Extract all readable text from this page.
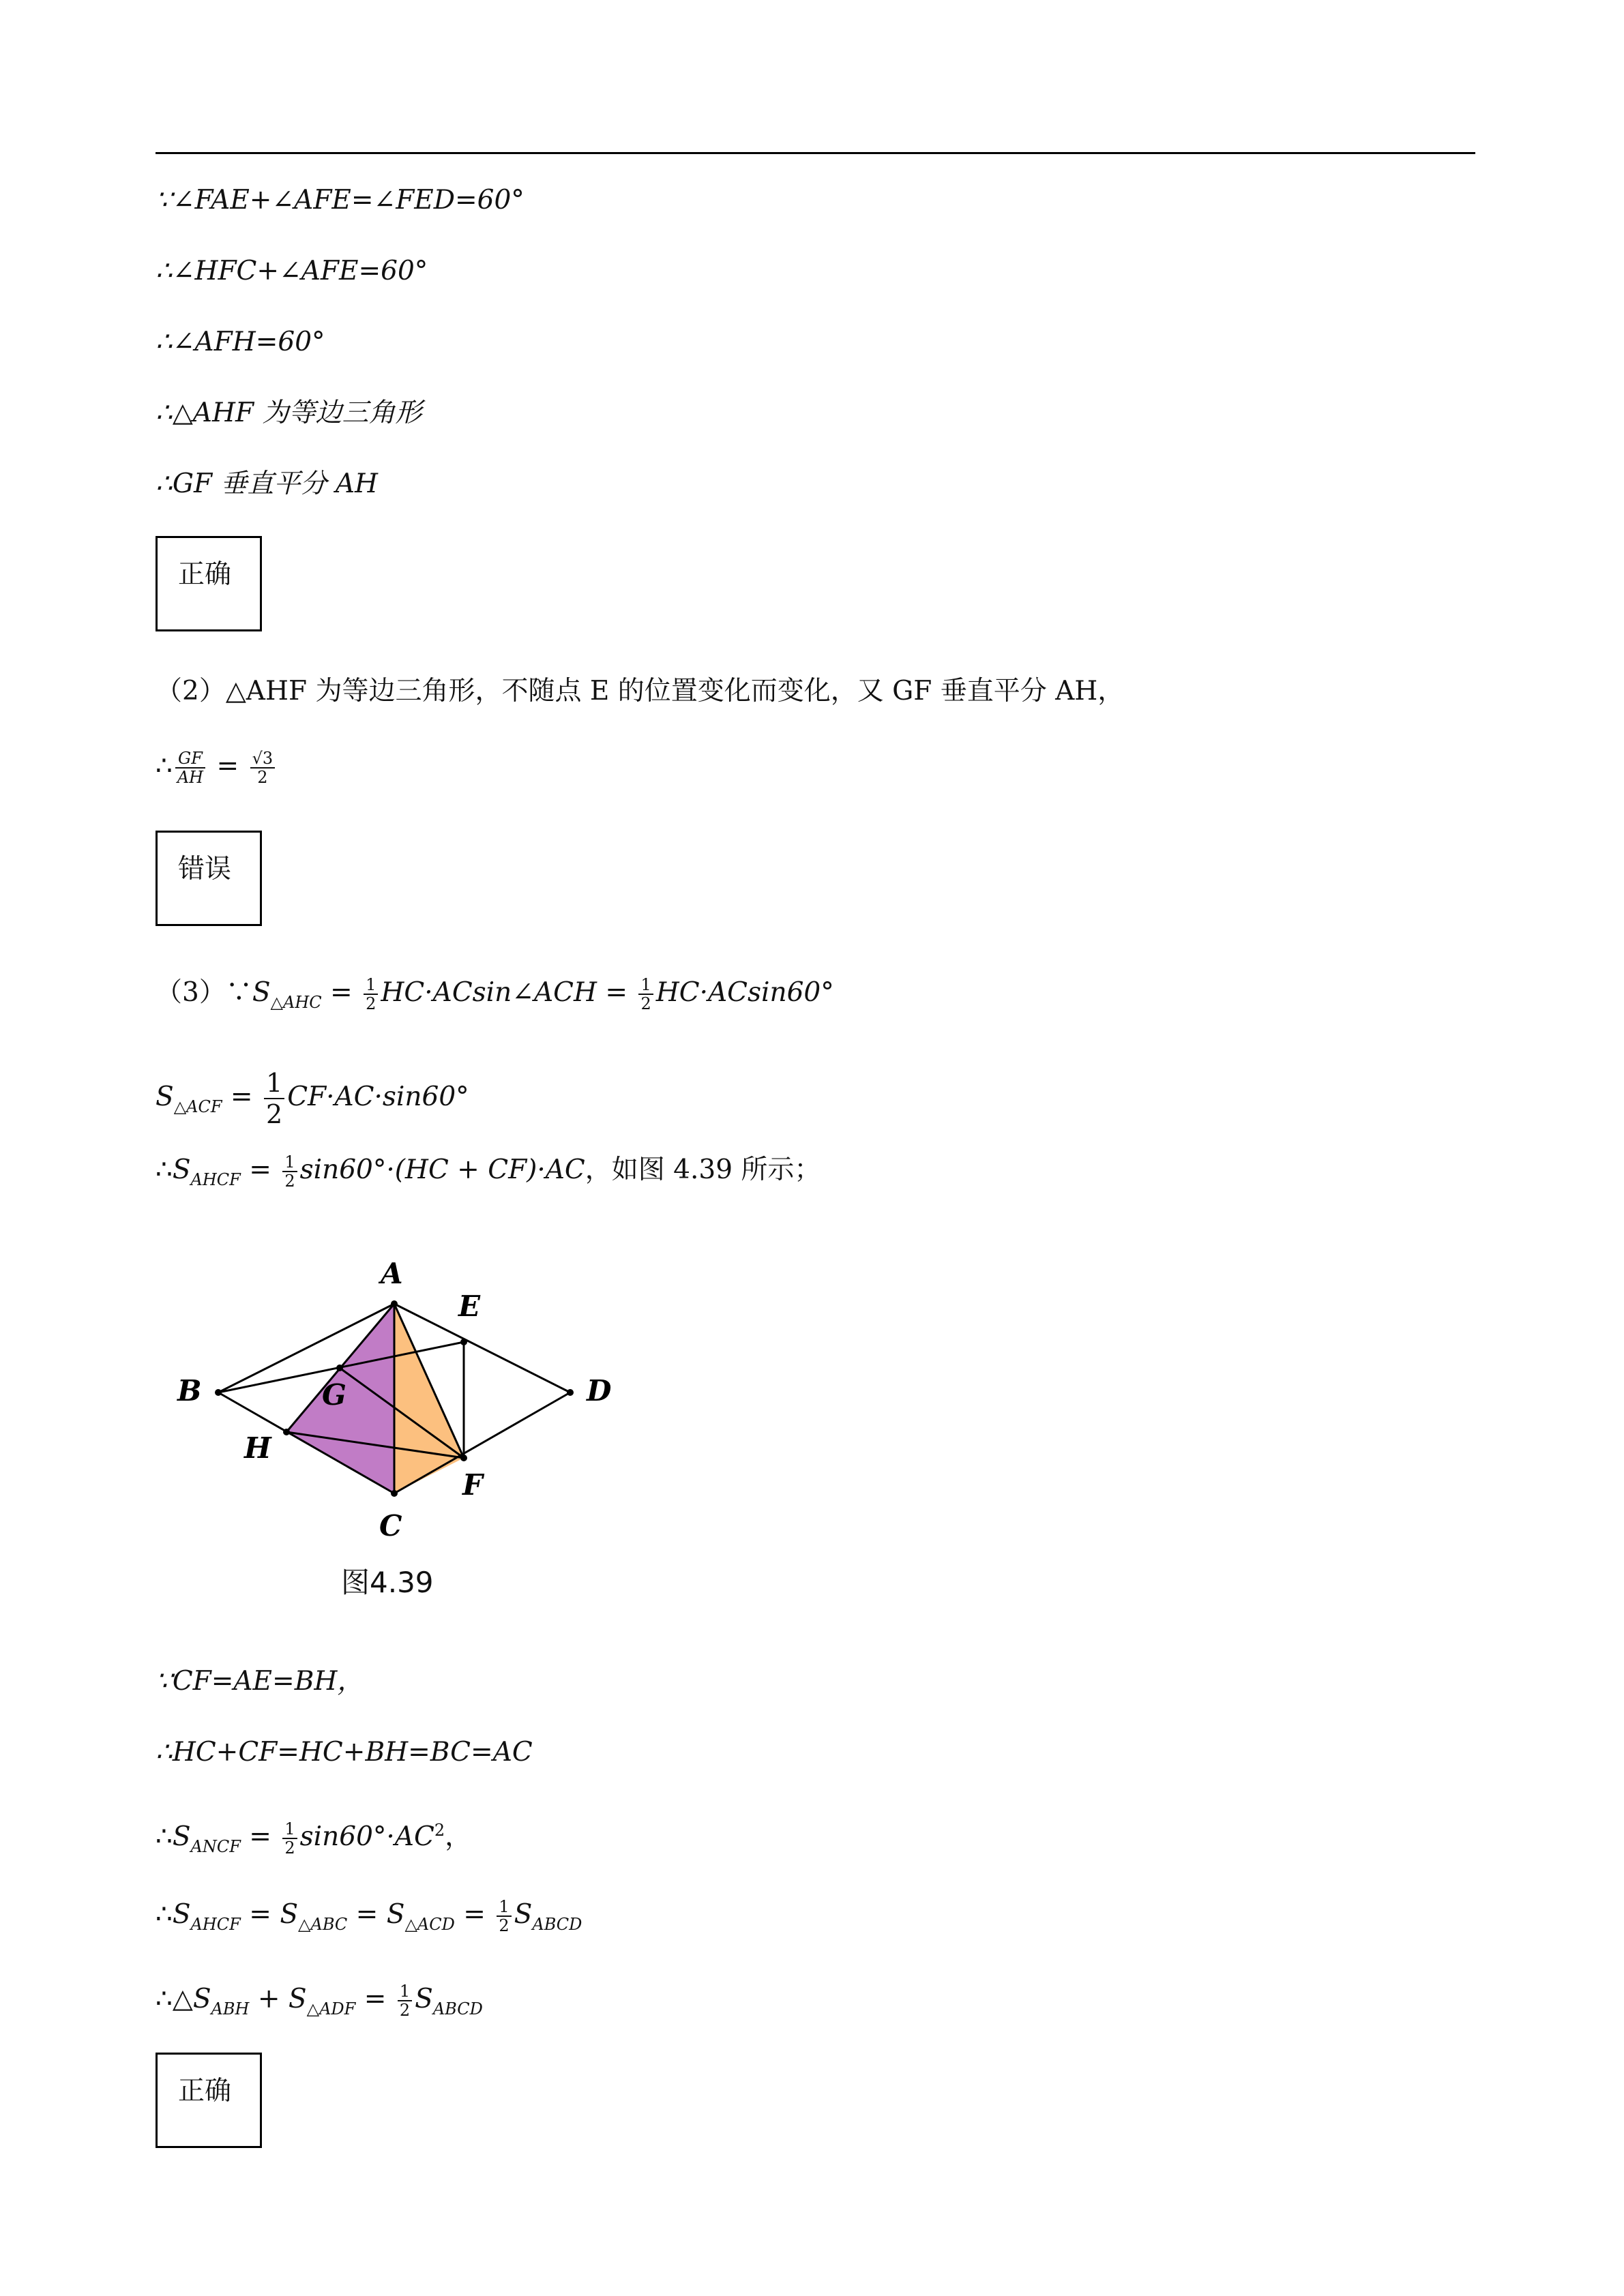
∵∠FAE+∠AFE=∠FED=60°
∴∠HFC+∠AFE=60°
∴∠AFH=60°
∴△AHF 为等边三角形
∴GF 垂直平分 AH
正确
（2）△AHF 为等边三角形，不随点 E 的位置变化而变化，又 GF 垂直平分 AH，
∴ $\frac{GF}{AH} = \frac{√3}{2}$
错误
$(3)\because S_{\triangle AHC} = \frac{1}{2}$ HC·ACsin∠ACH = $\frac{1}{2} HC\cdot ACsin60^\circ$
$S_{\triangle ACF} = \frac{1}{2} CF\cdot AC\cdot\sin 60^\circ$
$\therefore S_{AHCF} = \frac{1}{2} \sin 60^\circ\cdot(HC + CF)\cdot AC$，如图 4.39 所示；
A
B
C
D
E
F
G
H
图4.39
∵CF=AE=BH，
∴HC+CF=HC+BH=BC=AC
$\therefore S_{ANCF} = \frac{1}{2} \sin 60^\circ\cdot AC^2$，
$\therefore S_{AHCF} = S_{\triangle ABC} = S_{\triangle ACD} = \frac{1}{2} S_{ABCD}$
$\therefore\triangle S_{ABH} + S_{\triangle ADF} = \frac{1}{2} S_{ABCD}$
正确
